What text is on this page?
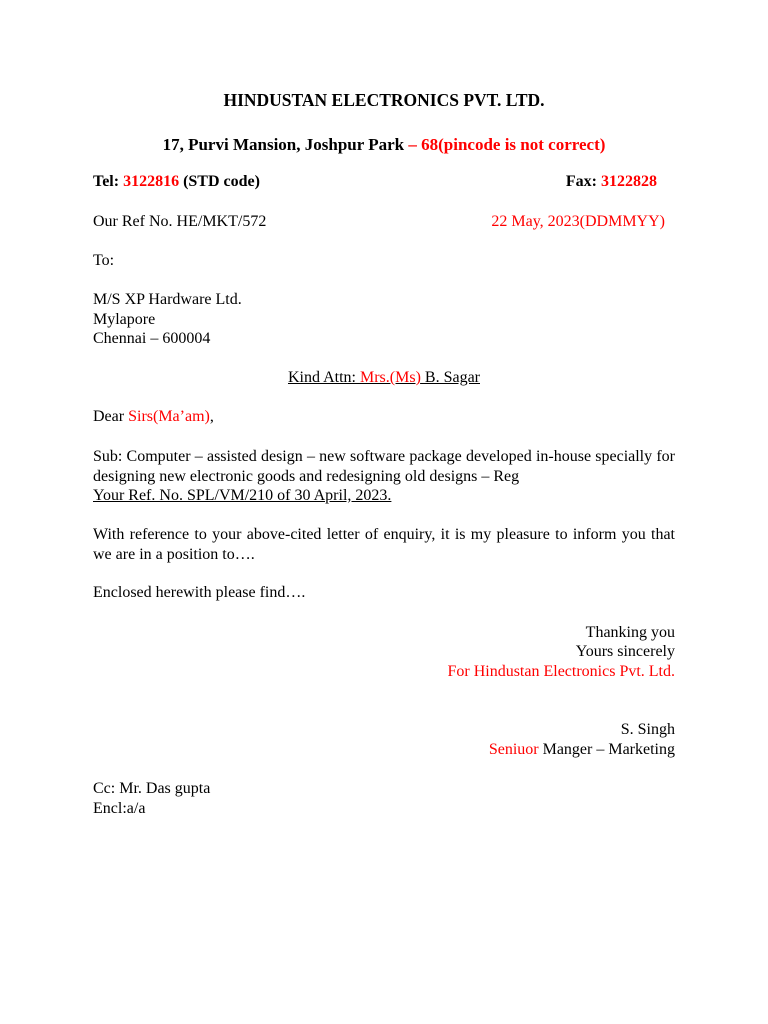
HINDUSTAN ELECTRONICS PVT. LTD.
17, Purvi Mansion, Joshpur Park – 68(pincode is not correct)
Tel: 3122816 (STD code)	Fax: 3122828
Our Ref No. HE/MKT/572	22 May, 2023(DDMMYY)
To:
M/S XP Hardware Ltd.
Mylapore
Chennai – 600004
Kind Attn: Mrs.(Ms) B. Sagar
Dear Sirs(Ma’am),
Sub: Computer – assisted design – new software package developed in-house specially for designing new electronic goods and redesigning old designs – Reg
Your Ref. No. SPL/VM/210 of 30 April, 2023.
With reference to your above-cited letter of enquiry, it is my pleasure to inform you that we are in a position to….
Enclosed herewith please find….
Thanking you
Yours sincerely
For Hindustan Electronics Pvt. Ltd.
S. Singh
Seniuor Manger – Marketing
Cc: Mr. Das gupta
Encl:a/a
